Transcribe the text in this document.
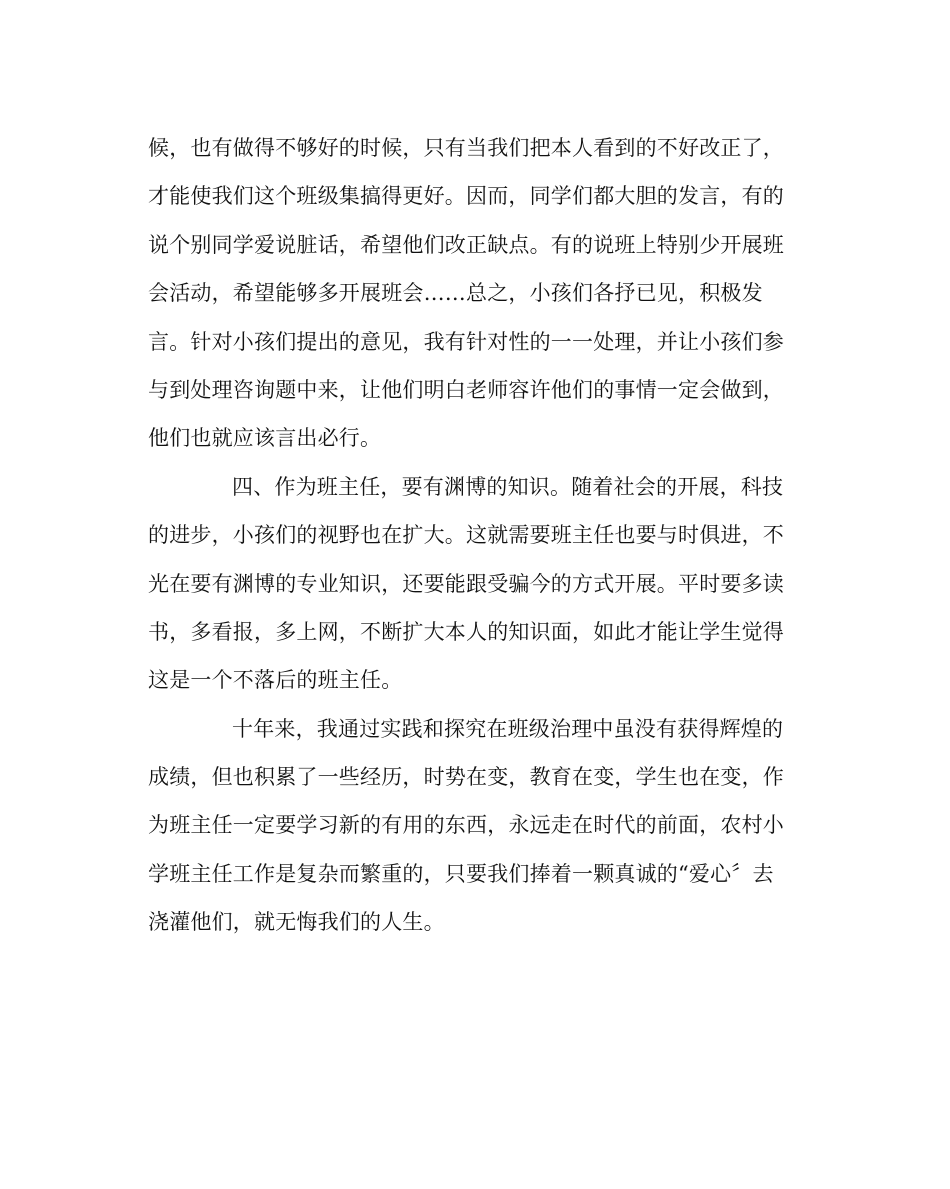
候，也有做得不够好的时候，只有当我们把本人看到的不好改正了，
才能使我们这个班级集搞得更好。因而，同学们都大胆的发言，有的
说个别同学爱说脏话，希望他们改正缺点。有的说班上特别少开展班
会活动，希望能够多开展班会……总之，小孩们各抒已见，积极发
言。针对小孩们提出的意见，我有针对性的一一处理，并让小孩们参
与到处理咨询题中来，让他们明白老师容许他们的事情一定会做到，
他们也就应该言出必行。
四、作为班主任，要有渊博的知识。随着社会的开展，科技
的进步，小孩们的视野也在扩大。这就需要班主任也要与时俱进，不
光在要有渊博的专业知识，还要能跟受骗今的方式开展。平时要多读
书，多看报，多上网，不断扩大本人的知识面，如此才能让学生觉得
这是一个不落后的班主任。
十年来，我通过实践和探究在班级治理中虽没有获得辉煌的
成绩，但也积累了一些经历，时势在变，教育在变，学生也在变，作
为班主任一定要学习新的有用的东西，永远走在时代的前面，农村小
学班主任工作是复杂而繁重的，只要我们捧着一颗真诚的“爱心〞去
浇灌他们，就无悔我们的人生。
